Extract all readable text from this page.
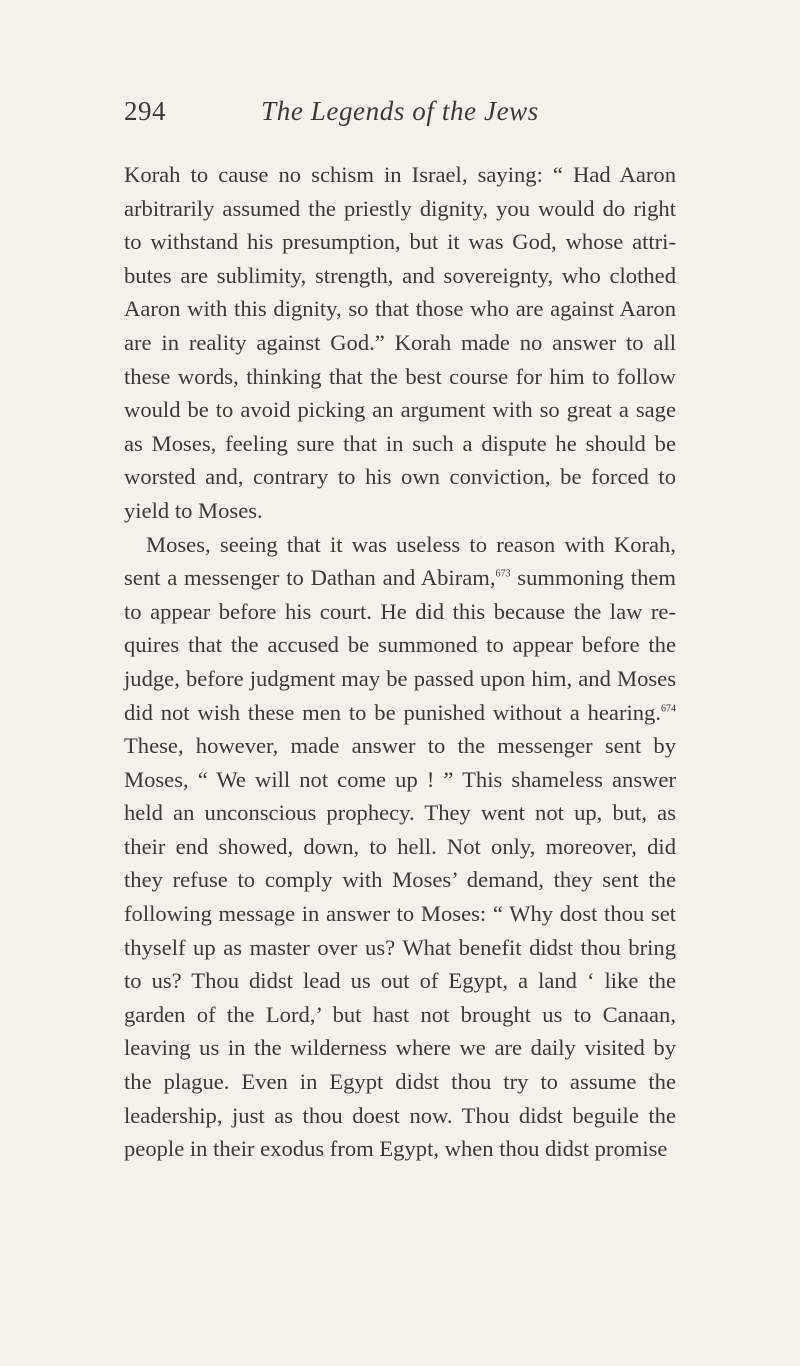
294	The Legends of the Jews

Korah to cause no schism in Israel, saying: “ Had Aaron arbitrarily assumed the priestly dignity, you would do right to withstand his presumption, but it was God, whose attri- butes are sublimity, strength, and sovereignty, who clothed Aaron with this dignity, so that those who are against Aaron are in reality against God.” Korah made no answer to all these words, thinking that the best course for him to follow would be to avoid picking an argument with so great a sage as Moses, feeling sure that in such a dispute he should be worsted and, contrary to his own conviction, be forced to yield to Moses.

Moses, seeing that it was useless to reason with Korah, sent a messenger to Dathan and Abiram,$^{673}$ summoning them to appear before his court. He did this because the law re- quires that the accused be summoned to appear before the judge, before judgment may be passed upon him, and Moses did not wish these men to be punished without a hearing.$^{674}$ These, however, made answer to the messenger sent by Moses, “ We will not come up ! ” This shameless answer held an unconscious prophecy. They went not up, but, as their end showed, down, to hell. Not only, moreover, did they refuse to comply with Moses’ demand, they sent the following message in answer to Moses: “ Why dost thou set thyself up as master over us? What benefit didst thou bring to us? Thou didst lead us out of Egypt, a land ‘ like the garden of the Lord,’ but hast not brought us to Canaan, leaving us in the wilderness where we are daily visited by the plague. Even in Egypt didst thou try to assume the leadership, just as thou doest now. Thou didst beguile the people in their exodus from Egypt, when thou didst promise
